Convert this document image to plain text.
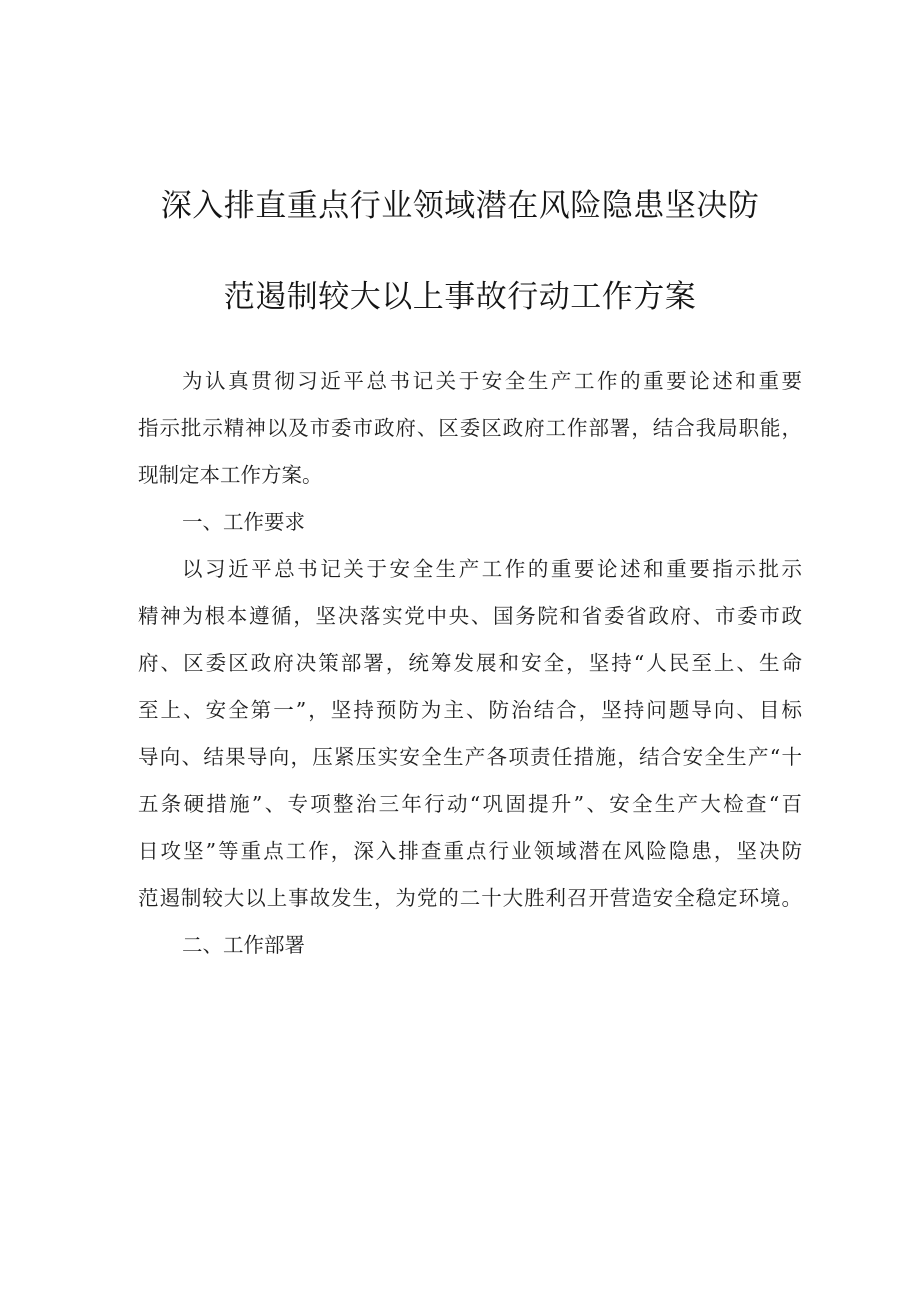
深入排直重点行业领域潜在风险隐患坚决防
范遏制较大以上事故行动工作方案
为认真贯彻习近平总书记关于安全生产工作的重要论述和重要
指示批示精神以及市委市政府、区委区政府工作部署，结合我局职能，
现制定本工作方案。
一、工作要求
以习近平总书记关于安全生产工作的重要论述和重要指示批示
精神为根本遵循，坚决落实党中央、国务院和省委省政府、市委市政
府、区委区政府决策部署，统筹发展和安全，坚持“人民至上、生命
至上、安全第一”，坚持预防为主、防治结合，坚持问题导向、目标
导向、结果导向，压紧压实安全生产各项责任措施，结合安全生产“十
五条硬措施”、专项整治三年行动“巩固提升”、安全生产大检查“百
日攻坚”等重点工作，深入排查重点行业领域潜在风险隐患，坚决防
范遏制较大以上事故发生，为党的二十大胜利召开营造安全稳定环境。
二、工作部署
